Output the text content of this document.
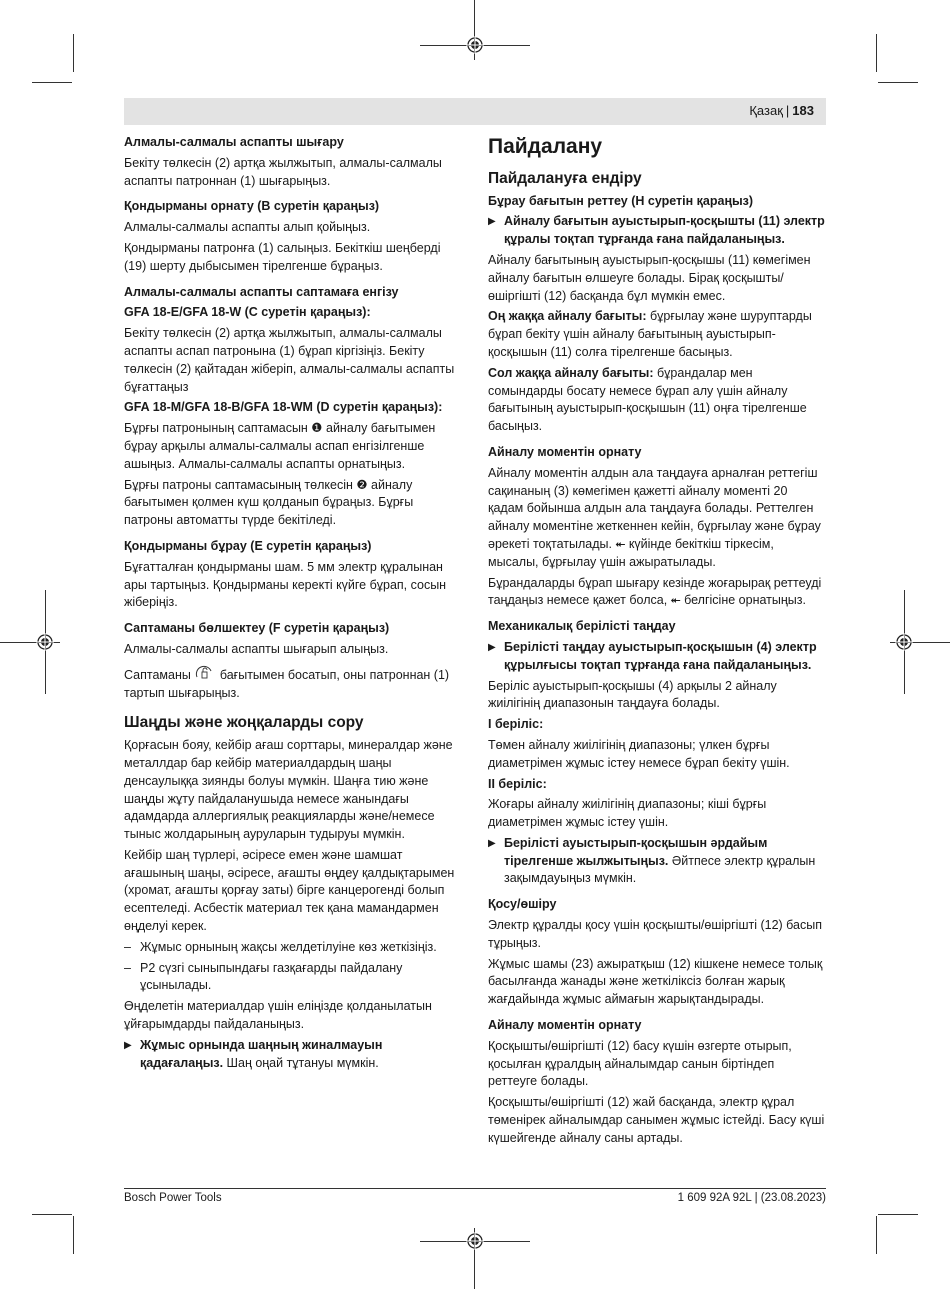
Қазақ | 183
Алмалы-салмалы аспапты шығару

Бекіту төлкесін (2) артқа жылжытып, алмалы-салмалы аспапты патроннан (1) шығарыңыз.

Қондырманы орнату (B суретін қараңыз)

Алмалы-салмалы аспапты алып қойыңыз.

Қондырманы патронға (1) салыңыз. Бекіткіш шеңберді (19) шерту дыбысымен тірелгенше бұраңыз.

Алмалы-салмалы аспапты саптамаға енгізу
GFA 18-E/GFA 18-W (C суретін қараңыз):

Бекіту төлкесін (2) артқа жылжытып, алмалы-салмалы аспапты аспап патронына (1) бұрап кіргізіңіз. Бекіту төлкесін (2) қайтадан жіберіп, алмалы-салмалы аспапты бұғаттаңыз

GFA 18-M/GFA 18-B/GFA 18-WM (D суретін қараңыз):

Бұрғы патронының саптамасын ❶ айналу бағытымен бұрау арқылы алмалы-салмалы аспап енгізілгенше ашыңыз. Алмалы-салмалы аспапты орнатыңыз.

Бұрғы патроны саптамасының төлкесін ❷ айналу бағытымен қолмен күш қолданып бұраңыз. Бұрғы патроны автоматты түрде бекітіледі.

Қондырманы бұрау (E суретін қараңыз)

Бұғатталған қондырманы шам. 5 мм электр құралынан ары тартыңыз. Қондырманы керекті күйге бұрап, сосын жіберіңіз.

Саптаманы бөлшектеу (F суретін қараңыз)

Алмалы-салмалы аспапты шығарып алыңыз.

Саптаманы бағытымен босатып, оны патроннан (1) тартып шығарыңыз.

Шаңды және жоңқаларды сору

Қорғасын бояу, кейбір ағаш сорттары, минералдар және металлдар бар кейбір материалдардың шаңы денсаулыққа зиянды болуы мүмкін. Шаңға тию және шаңды жұту пайдаланушыда немесе жанындағы адамдарда аллергиялық реакцияларды және/немесе тыныс жолдарының ауруларын тудыруы мүмкін.

Кейбір шаң түрлері, әсіресе емен және шамшат ағашының шаңы, әсіресе, ағашты өңдеу қалдықтарымен (хромат, ағашты қорғау заты) бірге канцерогенді болып есептеледі. Асбестік материал тек қана мамандармен өңделуі керек.

– Жұмыс орнының жақсы желдетілуіне көз жеткізіңіз.
– P2 сүзгі сыныпындағы газқағарды пайдалану ұсынылады.

Өңделетін материалдар үшін еліңізде қолданылатын ұйғарымдарды пайдаланыңыз.

▶ Жұмыс орнында шаңның жиналмауын қадағалаңыз. Шаң оңай тұтануы мүмкін.
Пайдалану
Пайдалануға ендіру
Бұрау бағытын реттеу (H суретін қараңыз)
▶ Айналу бағытын ауыстырып-қосқышты (11) электр құралы тоқтап тұрғанда ғана пайдаланыңыз.

Айналу бағытының ауыстырып-қосқышы (11) көмегімен айналу бағытын өлшеуге болады. Бірақ қосқышты/ өшіргішті (12) басқанда бұл мүмкін емес.

Оң жаққа айналу бағыты: бұрғылау және шуруптарды бұрап бекіту үшін айналу бағытының ауыстырып-қосқышын (11) солға тірелгенше басыңыз.

Сол жаққа айналу бағыты: бұрандалар мен сомындарды босату немесе бұрап алу үшін айналу бағытының ауыстырып-қосқышын (11) оңға тірелгенше басыңыз.

Айналу моментін орнату

Айналу моментін алдын ала таңдауға арналған реттегіш сақинаның (3) көмегімен қажетті айналу моменті 20 қадам бойынша алдын ала таңдауға болады. Реттелген айналу моментіне жеткеннен кейін, бұрғылау және бұрау әрекеті тоқтатылады. ⯬ күйінде бекіткіш тіркесім, мысалы, бұрғылау үшін ажыратылады.

Бұрандаларды бұрап шығару кезінде жоғарырақ реттеуді таңдаңыз немесе қажет болса, ⯬ белгісіне орнатыңыз.

Механикалық берілісті таңдау
▶ Берілісті таңдау ауыстырып-қосқышын (4) электр құрылғысы тоқтап тұрғанда ғана пайдаланыңыз.

Беріліс ауыстырып-қосқышы (4) арқылы 2 айналу жиілігінің диапазонын таңдауға болады.

I беріліс:

Төмен айналу жиілігінің диапазоны; үлкен бұрғы диаметрімен жұмыс істеу немесе бұрап бекіту үшін.

II беріліс:

Жоғары айналу жиілігінің диапазоны; кіші бұрғы диаметрімен жұмыс істеу үшін.

▶ Берілісті ауыстырып-қосқышын әрдайым тірелгенше жылжытыңыз. Әйтпесе электр құралын зақымдауыңыз мүмкін.
Қосу/өшіру

Электр құралды қосу үшін қосқышты/өшіргішті (12) басып тұрыңыз.

Жұмыс шамы (23) ажыратқыш (12) кішкене немесе толық басылғанда жанады және жеткіліксіз болған жарық жағдайында жұмыс аймағын жарықтандырады.

Айналу моментін орнату

Қосқышты/өшіргішті (12) басу күшін өзгерте отырып, қосылған құралдың айналымдар санын біртіндеп реттеуге болады.

Қосқышты/өшіргішті (12) жай басқанда, электр құрал төменірек айналымдар санымен жұмыс істейді. Басу күші күшейгенде айналу саны артады.

Bosch Power Tools	1 609 92A 92L | (23.08.2023)
